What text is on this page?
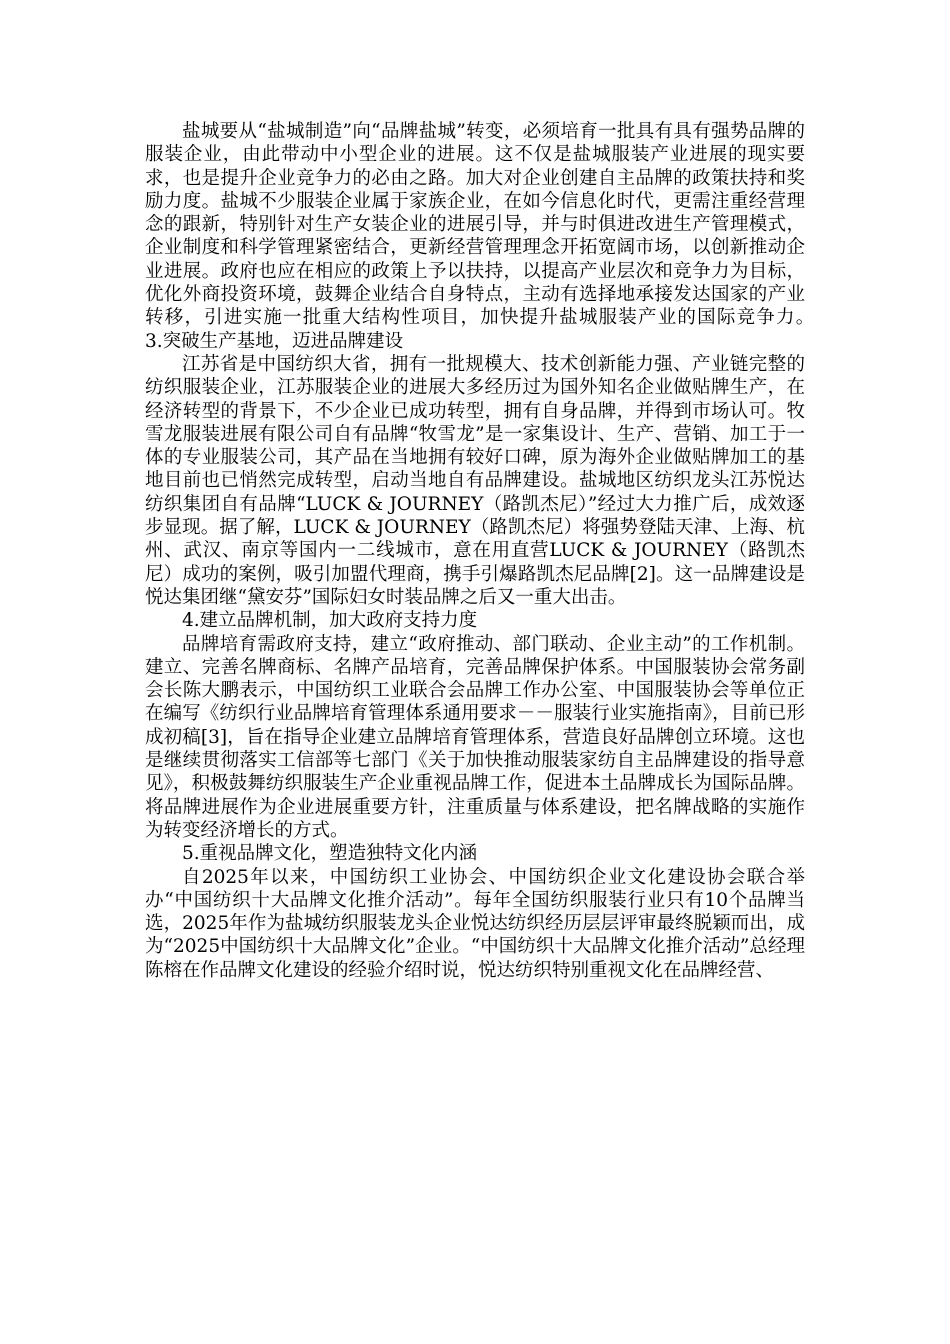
盐城要从“盐城制造”向“品牌盐城”转变，必须培育一批具有具有强势品牌的服装企业，由此带动中小型企业的进展。这不仅是盐城服装产业进展的现实要求，也是提升企业竞争力的必由之路。加大对企业创建自主品牌的政策扶持和奖励力度。盐城不少服装企业属于家族企业，在如今信息化时代，更需注重经营理念的跟新，特别针对生产女装企业的进展引导，并与时俱进改进生产管理模式，企业制度和科学管理紧密结合，更新经营管理理念开拓宽阔市场，以创新推动企业进展。政府也应在相应的政策上予以扶持，以提高产业层次和竞争力为目标，优化外商投资环境，鼓舞企业结合自身特点，主动有选择地承接发达国家的产业转移，引进实施一批重大结构性项目，加快提升盐城服装产业的国际竞争力。　　　3.突破生产基地，迈进品牌建设

江苏省是中国纺织大省，拥有一批规模大、技术创新能力强、产业链完整的纺织服装企业，江苏服装企业的进展大多经历过为国外知名企业做贴牌生产，在经济转型的背景下，不少企业已成功转型，拥有自身品牌，并得到市场认可。牧雪龙服装进展有限公司自有品牌“牧雪龙”是一家集设计、生产、营销、加工于一体的专业服装公司，其产品在当地拥有较好口碑，原为海外企业做贴牌加工的基地目前也已悄然完成转型，启动当地自有品牌建设。盐城地区纺织龙头江苏悦达纺织集团自有品牌“LUCK & JOURNEY（路凯杰尼）”经过大力推广后，成效逐步显现。据了解，LUCK & JOURNEY（路凯杰尼）将强势登陆天津、上海、杭州、武汉、南京等国内一二线城市，意在用直营LUCK & JOURNEY（路凯杰尼）成功的案例，吸引加盟代理商，携手引爆路凯杰尼品牌[2]。这一品牌建设是悦达集团继“黛安芬”国际妇女时装品牌之后又一重大出击。

4.建立品牌机制，加大政府支持力度

品牌培育需政府支持，建立“政府推动、部门联动、企业主动”的工作机制。建立、完善名牌商标、名牌产品培育，完善品牌保护体系。中国服装协会常务副会长陈大鹏表示，中国纺织工业联合会品牌工作办公室、中国服装协会等单位正在编写《纺织行业品牌培育管理体系通用要求－－服装行业实施指南》，目前已形成初稿[3]，旨在指导企业建立品牌培育管理体系，营造良好品牌创立环境。这也是继续贯彻落实工信部等七部门《关于加快推动服装家纺自主品牌建设的指导意见》，积极鼓舞纺织服装生产企业重视品牌工作，促进本土品牌成长为国际品牌。将品牌进展作为企业进展重要方针，注重质量与体系建设，把名牌战略的实施作为转变经济增长的方式。

5.重视品牌文化，塑造独特文化内涵

自2025年以来，中国纺织工业协会、中国纺织企业文化建设协会联合举办“中国纺织十大品牌文化推介活动”。每年全国纺织服装行业只有10个品牌当选，2025年作为盐城纺织服装龙头企业悦达纺织经历层层评审最终脱颖而出，成为“2025中国纺织十大品牌文化”企业。“中国纺织十大品牌文化推介活动”总经理陈榕在作品牌文化建设的经验介绍时说，悦达纺织特别重视文化在品牌经营、
